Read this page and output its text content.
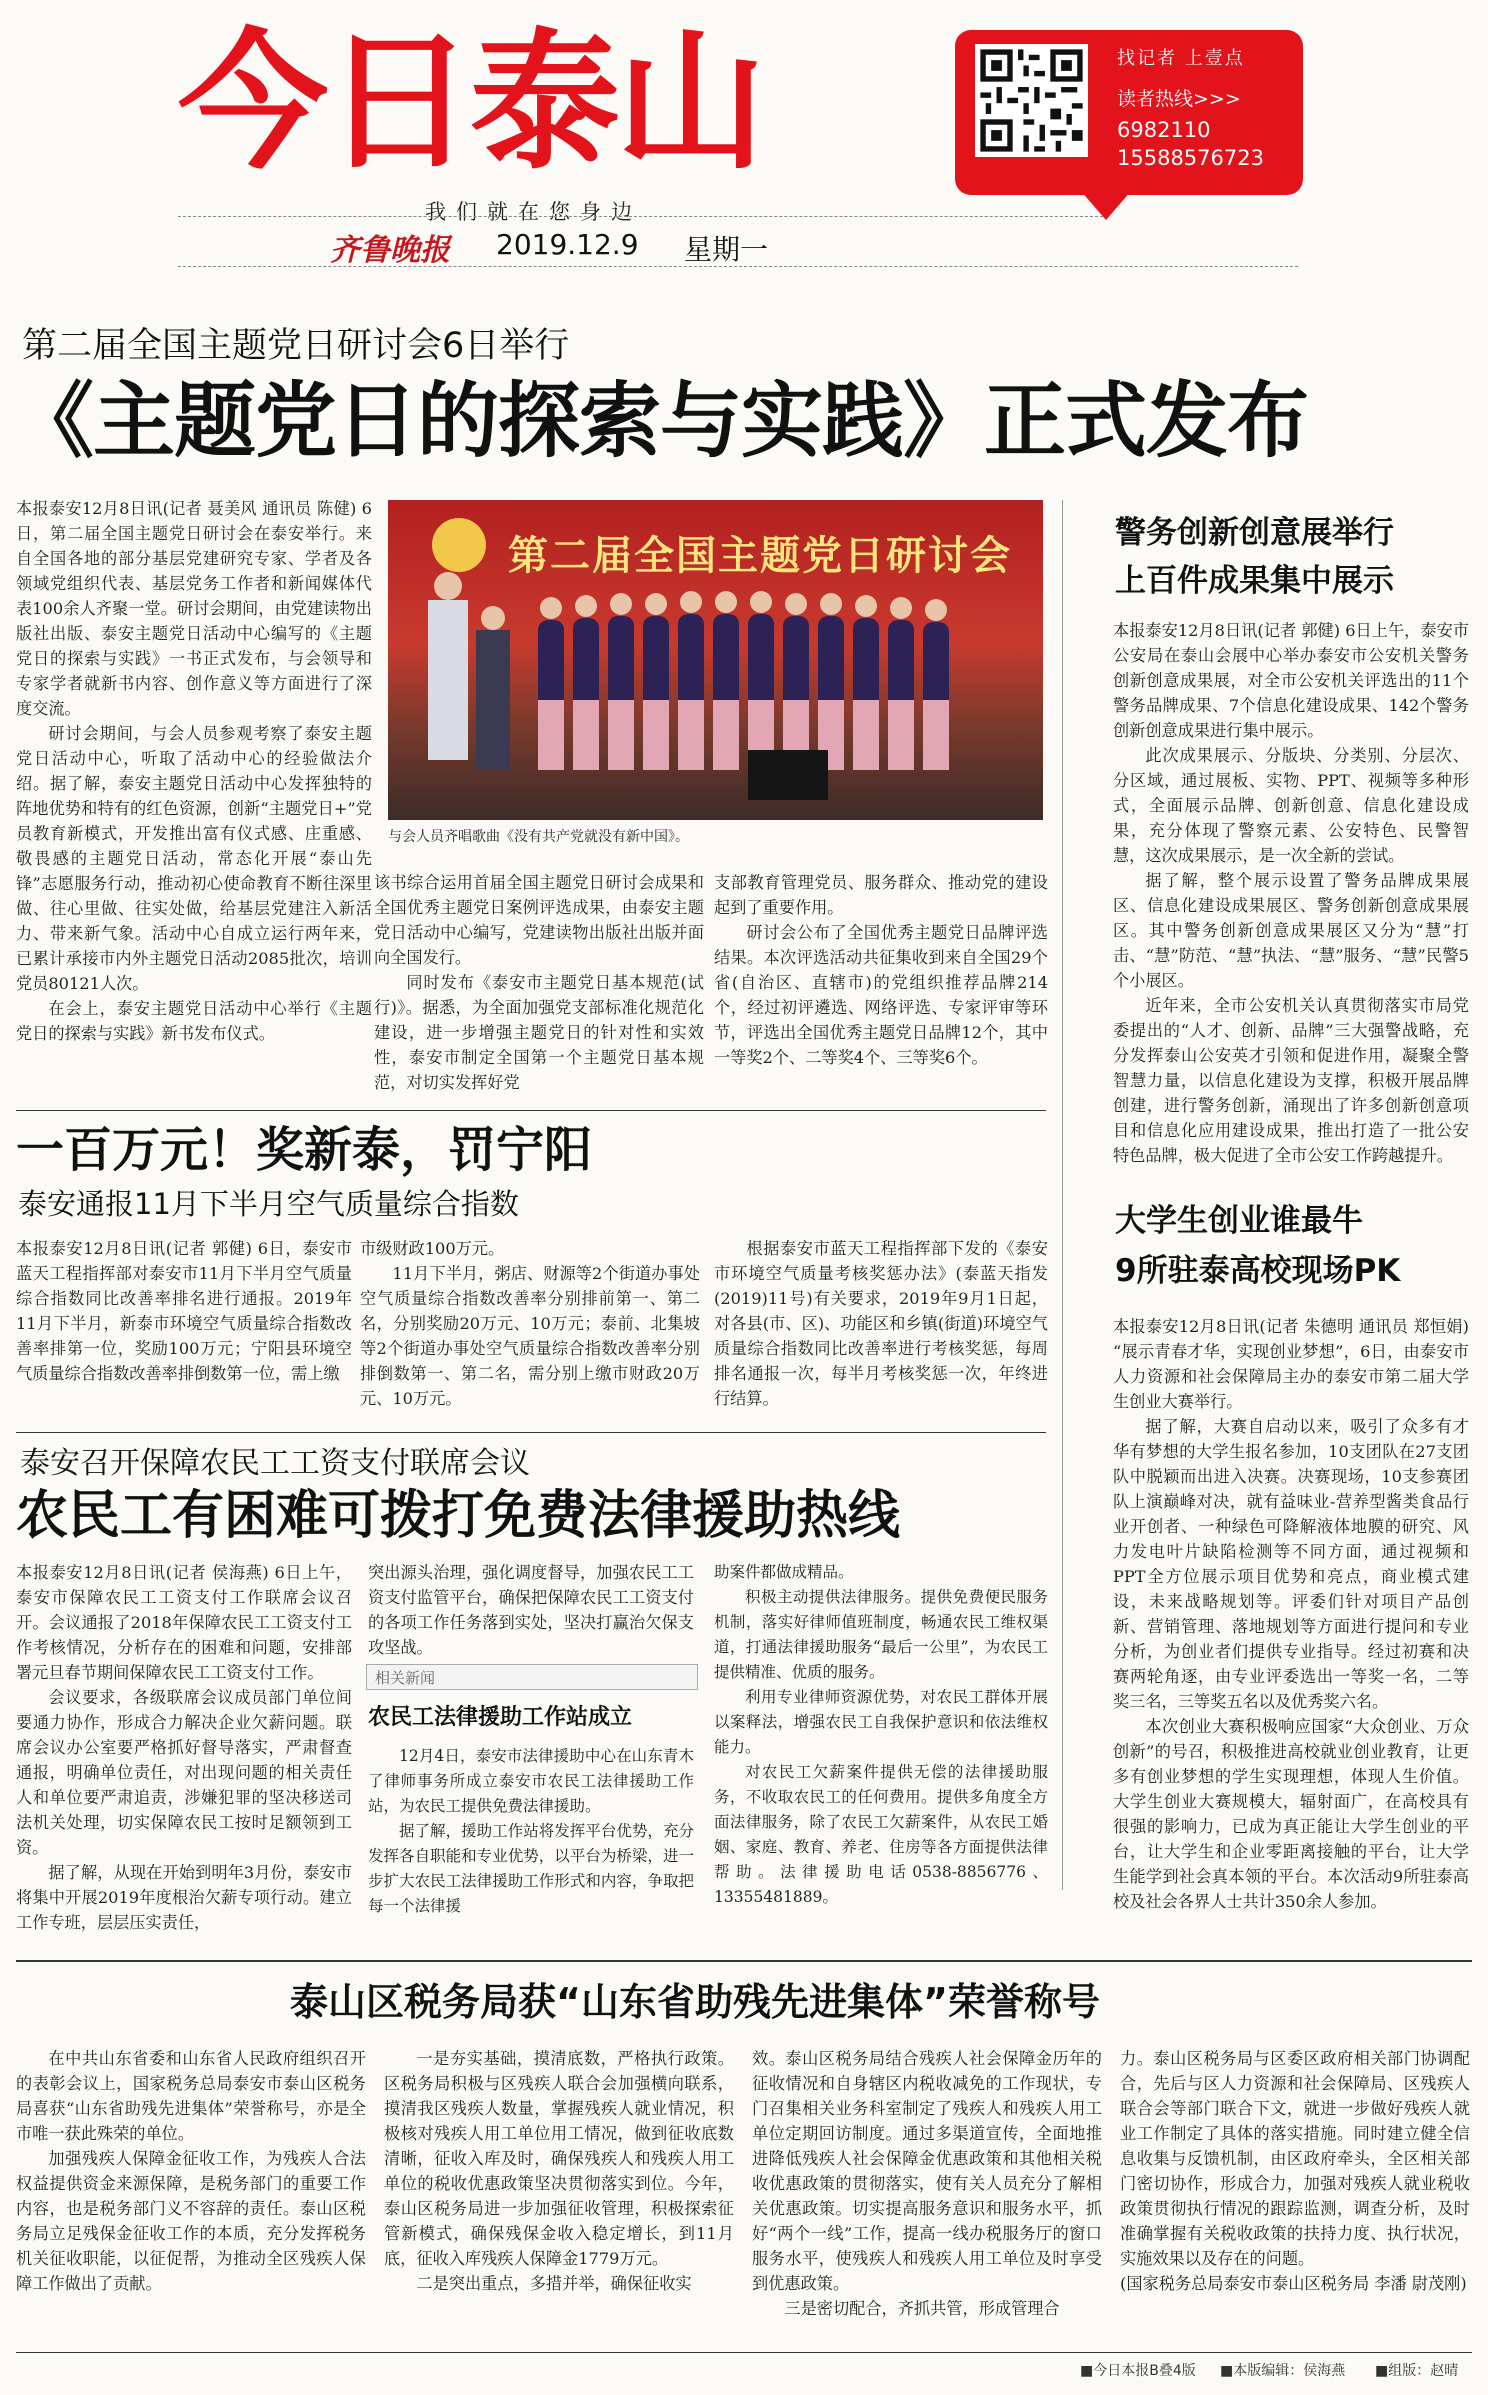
今日泰山
我们就在您身边
齐鲁晚报 2019.12.9 星期一
找记者 上壹点
读者热线>>>
6982110
15588576723
第二届全国主题党日研讨会6日举行
《主题党日的探索与实践》正式发布
第二届全国主题党日研讨会
与会人员齐唱歌曲《没有共产党就没有新中国》。

本报泰安12月8日讯(记者 聂美风 通讯员 陈健) 6日，第二届全国主题党日研讨会在泰安举行。来自全国各地的部分基层党建研究专家、学者及各领域党组织代表、基层党务工作者和新闻媒体代表100余人齐聚一堂。研讨会期间，由党建读物出版社出版、泰安主题党日活动中心编写的《主题党日的探索与实践》一书正式发布，与会领导和专家学者就新书内容、创作意义等方面进行了深度交流。

研讨会期间，与会人员参观考察了泰安主题党日活动中心，听取了活动中心的经验做法介绍。据了解，泰安主题党日活动中心发挥独特的阵地优势和特有的红色资源，创新“主题党日+”党员教育新模式，开发推出富有仪式感、庄重感、敬畏感的主题党日活动，常态化开展“泰山先锋”志愿服务行动，推动初心使命教育不断往深里做、往心里做、往实处做，给基层党建注入新活力、带来新气象。活动中心自成立运行两年来，已累计承接市内外主题党日活动2085批次，培训党员80121人次。

在会上，泰安主题党日活动中心举行《主题党日的探索与实践》新书发布仪式。

该书综合运用首届全国主题党日研讨会成果和全国优秀主题党日案例评选成果，由泰安主题党日活动中心编写，党建读物出版社出版并面向全国发行。

同时发布《泰安市主题党日基本规范(试行)》。据悉，为全面加强党支部标准化规范化建设，进一步增强主题党日的针对性和实效性，泰安市制定全国第一个主题党日基本规范，对切实发挥好党

支部教育管理党员、服务群众、推动党的建设起到了重要作用。

研讨会公布了全国优秀主题党日品牌评选结果。本次评选活动共征集收到来自全国29个省(自治区、直辖市)的党组织推荐品牌214个，经过初评遴选、网络评选、专家评审等环节，评选出全国优秀主题党日品牌12个，其中一等奖2个、二等奖4个、三等奖6个。

警务创新创意展举行
上百件成果集中展示

本报泰安12月8日讯(记者 郭健) 6日上午，泰安市公安局在泰山会展中心举办泰安市公安机关警务创新创意成果展，对全市公安机关评选出的11个警务品牌成果、7个信息化建设成果、142个警务创新创意成果进行集中展示。

此次成果展示、分版块、分类别、分层次、分区域，通过展板、实物、PPT、视频等多种形式，全面展示品牌、创新创意、信息化建设成果，充分体现了警察元素、公安特色、民警智慧，这次成果展示，是一次全新的尝试。

据了解，整个展示设置了警务品牌成果展区、信息化建设成果展区、警务创新创意成果展区。其中警务创新创意成果展区又分为“慧”打击、“慧”防范、“慧”执法、“慧”服务、“慧”民警5个小展区。

近年来，全市公安机关认真贯彻落实市局党委提出的“人才、创新、品牌”三大强警战略，充分发挥泰山公安英才引领和促进作用，凝聚全警智慧力量，以信息化建设为支撑，积极开展品牌创建，进行警务创新，涌现出了许多创新创意项目和信息化应用建设成果，推出打造了一批公安特色品牌，极大促进了全市公安工作跨越提升。

大学生创业谁最牛
9所驻泰高校现场PK

本报泰安12月8日讯(记者 朱德明 通讯员 郑恒娟) “展示青春才华，实现创业梦想”，6日，由泰安市人力资源和社会保障局主办的泰安市第二届大学生创业大赛举行。

据了解，大赛自启动以来，吸引了众多有才华有梦想的大学生报名参加，10支团队在27支团队中脱颖而出进入决赛。决赛现场，10支参赛团队上演巅峰对决，就有益味业-营养型酱类食品行业开创者、一种绿色可降解液体地膜的研究、风力发电叶片缺陷检测等不同方面，通过视频和PPT全方位展示项目优势和亮点，商业模式建设，未来战略规划等。评委们针对项目产品创新、营销管理、落地规划等方面进行提问和专业分析，为创业者们提供专业指导。经过初赛和决赛两轮角逐，由专业评委选出一等奖一名，二等奖三名，三等奖五名以及优秀奖六名。

本次创业大赛积极响应国家“大众创业、万众创新”的号召，积极推进高校就业创业教育，让更多有创业梦想的学生实现理想，体现人生价值。大学生创业大赛规模大，辐射面广，在高校具有很强的影响力，已成为真正能让大学生创业的平台，让大学生和企业零距离接触的平台，让大学生能学到社会真本领的平台。本次活动9所驻泰高校及社会各界人士共计350余人参加。

一百万元！奖新泰，罚宁阳
泰安通报11月下半月空气质量综合指数

本报泰安12月8日讯(记者 郭健) 6日，泰安市蓝天工程指挥部对泰安市11月下半月空气质量综合指数同比改善率排名进行通报。2019年11月下半月，新泰市环境空气质量综合指数改善率排第一位，奖励100万元；宁阳县环境空气质量综合指数改善率排倒数第一位，需上缴

市级财政100万元。

11月下半月，粥店、财源等2个街道办事处空气质量综合指数改善率分别排前第一、第二名，分别奖励20万元、10万元；泰前、北集坡等2个街道办事处空气质量综合指数改善率分别排倒数第一、第二名，需分别上缴市财政20万元、10万元。

根据泰安市蓝天工程指挥部下发的《泰安市环境空气质量考核奖惩办法》(泰蓝天指发(2019)11号)有关要求，2019年9月1日起，对各县(市、区)、功能区和乡镇(街道)环境空气质量综合指数同比改善率进行考核奖惩，每周排名通报一次，每半月考核奖惩一次，年终进行结算。

泰安召开保障农民工工资支付联席会议
农民工有困难可拨打免费法律援助热线

本报泰安12月8日讯(记者 侯海燕) 6日上午，泰安市保障农民工工资支付工作联席会议召开。会议通报了2018年保障农民工工资支付工作考核情况，分析存在的困难和问题，安排部署元旦春节期间保障农民工工资支付工作。

会议要求，各级联席会议成员部门单位间要通力协作，形成合力解决企业欠薪问题。联席会议办公室要严格抓好督导落实，严肃督查通报，明确单位责任，对出现问题的相关责任人和单位要严肃追责，涉嫌犯罪的坚决移送司法机关处理，切实保障农民工按时足额领到工资。

据了解，从现在开始到明年3月份，泰安市将集中开展2019年度根治欠薪专项行动。建立工作专班，层层压实责任，

突出源头治理，强化调度督导，加强农民工工资支付监管平台，确保把保障农民工工资支付的各项工作任务落到实处，坚决打赢治欠保支攻坚战。

相关新闻
农民工法律援助工作站成立

12月4日，泰安市法律援助中心在山东青木了律师事务所成立泰安市农民工法律援助工作站，为农民工提供免费法律援助。

据了解，援助工作站将发挥平台优势，充分发挥各自职能和专业优势，以平台为桥梁，进一步扩大农民工法律援助工作形式和内容，争取把每一个法律援

助案件都做成精品。

积极主动提供法律服务。提供免费便民服务机制，落实好律师值班制度，畅通农民工维权渠道，打通法律援助服务“最后一公里”，为农民工提供精准、优质的服务。

利用专业律师资源优势，对农民工群体开展以案释法，增强农民工自我保护意识和依法维权能力。

对农民工欠薪案件提供无偿的法律援助服务，不收取农民工的任何费用。提供多角度全方面法律服务，除了农民工欠薪案件，从农民工婚姻、家庭、教育、养老、住房等各方面提供法律帮助。法律援助电话0538-8856776、13355481889。

泰山区税务局获“山东省助残先进集体”荣誉称号

在中共山东省委和山东省人民政府组织召开的表彰会议上，国家税务总局泰安市泰山区税务局喜获“山东省助残先进集体”荣誉称号，亦是全市唯一获此殊荣的单位。

加强残疾人保障金征收工作，为残疾人合法权益提供资金来源保障，是税务部门的重要工作内容，也是税务部门义不容辞的责任。泰山区税务局立足残保金征收工作的本质，充分发挥税务机关征收职能，以征促帮，为推动全区残疾人保障工作做出了贡献。

一是夯实基础，摸清底数，严格执行政策。区税务局积极与区残疾人联合会加强横向联系，摸清我区残疾人数量，掌握残疾人就业情况，积极核对残疾人用工单位用工情况，做到征收底数清晰，征收入库及时，确保残疾人和残疾人用工单位的税收优惠政策坚决贯彻落实到位。今年，泰山区税务局进一步加强征收管理，积极探索征管新模式，确保残保金收入稳定增长，到11月底，征收入库残疾人保障金1779万元。

二是突出重点，多措并举，确保征收实

效。泰山区税务局结合残疾人社会保障金历年的征收情况和自身辖区内税收减免的工作现状，专门召集相关业务科室制定了残疾人和残疾人用工单位定期回访制度。通过多渠道宣传，全面地推进降低残疾人社会保障金优惠政策和其他相关税收优惠政策的贯彻落实，使有关人员充分了解相关优惠政策。切实提高服务意识和服务水平，抓好“两个一线”工作，提高一线办税服务厅的窗口服务水平，使残疾人和残疾人用工单位及时享受到优惠政策。

三是密切配合，齐抓共管，形成管理合

力。泰山区税务局与区委区政府相关部门协调配合，先后与区人力资源和社会保障局、区残疾人联合会等部门联合下文，就进一步做好残疾人就业工作制定了具体的落实措施。同时建立健全信息收集与反馈机制，由区政府牵头，全区相关部门密切协作，形成合力，加强对残疾人就业税收政策贯彻执行情况的跟踪监测，调查分析，及时准确掌握有关税收政策的扶持力度、执行状况，实施效果以及存在的问题。

(国家税务总局泰安市泰山区税务局 李潘 尉茂刚)

■今日本报B叠4版 ■本版编辑：侯海燕 ■组版：赵晴
